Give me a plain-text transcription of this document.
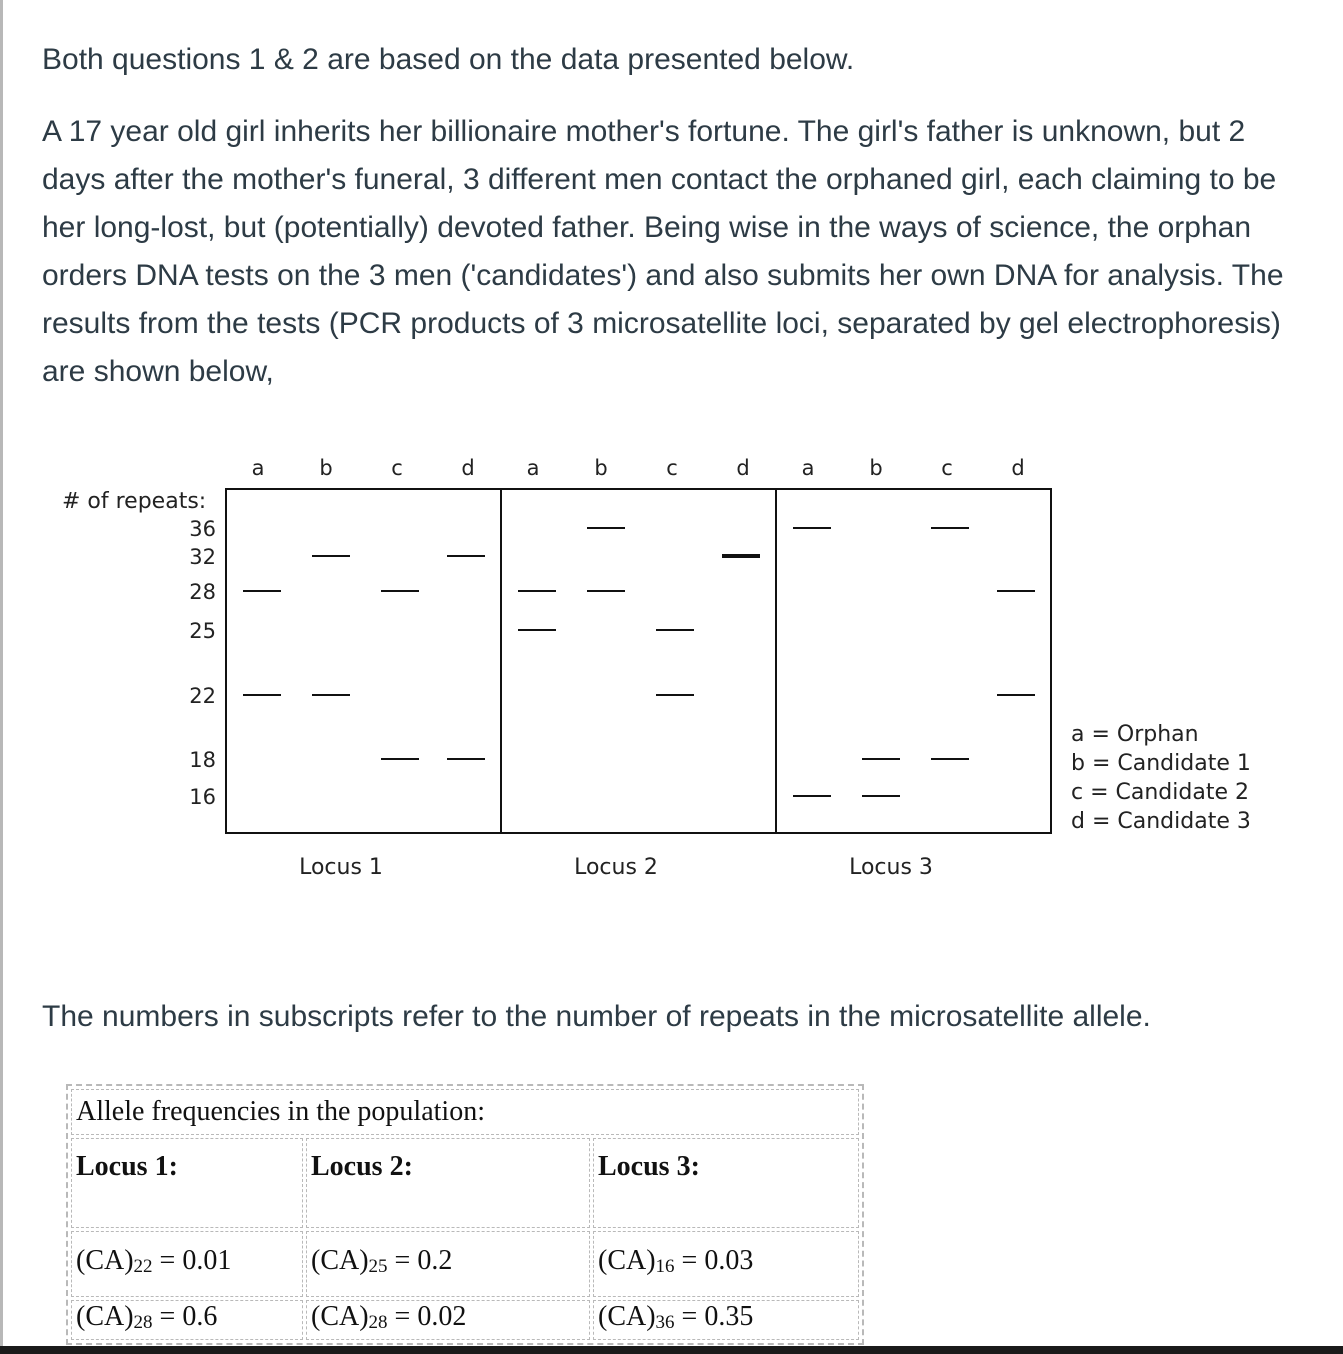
Both questions 1 & 2 are based on the data presented below.

A 17 year old girl inherits her billionaire mother's fortune. The girl's father is unknown, but 2 days after the mother's funeral, 3 different men contact the orphaned girl, each claiming to be her long-lost, but (potentially) devoted father. Being wise in the ways of science, the orphan orders DNA tests on the 3 men ('candidates') and also submits her own DNA for analysis. The results from the tests (PCR products of 3 microsatellite loci, separated by gel electrophoresis) are shown below,

# of repeats:
36
32
28
25
22
18
16
a	b	c	d a	b	c	d a	b	c	d
Locus 1	Locus 2	Locus 3
a = Orphan
b = Candidate 1
c = Candidate 2
d = Candidate 3

The numbers in subscripts refer to the number of repeats in the microsatellite allele.

Allele frequencies in the population:		
Locus 1:	Locus 2:	Locus 3:
$(CA)_{22} = 0.01$	$(CA)_{25} = 0.2$	$(CA)_{16} = 0.03$
$(CA)_{28} = 0.6$	$(CA)_{28} = 0.02$	$(CA)_{36} = 0.35$
